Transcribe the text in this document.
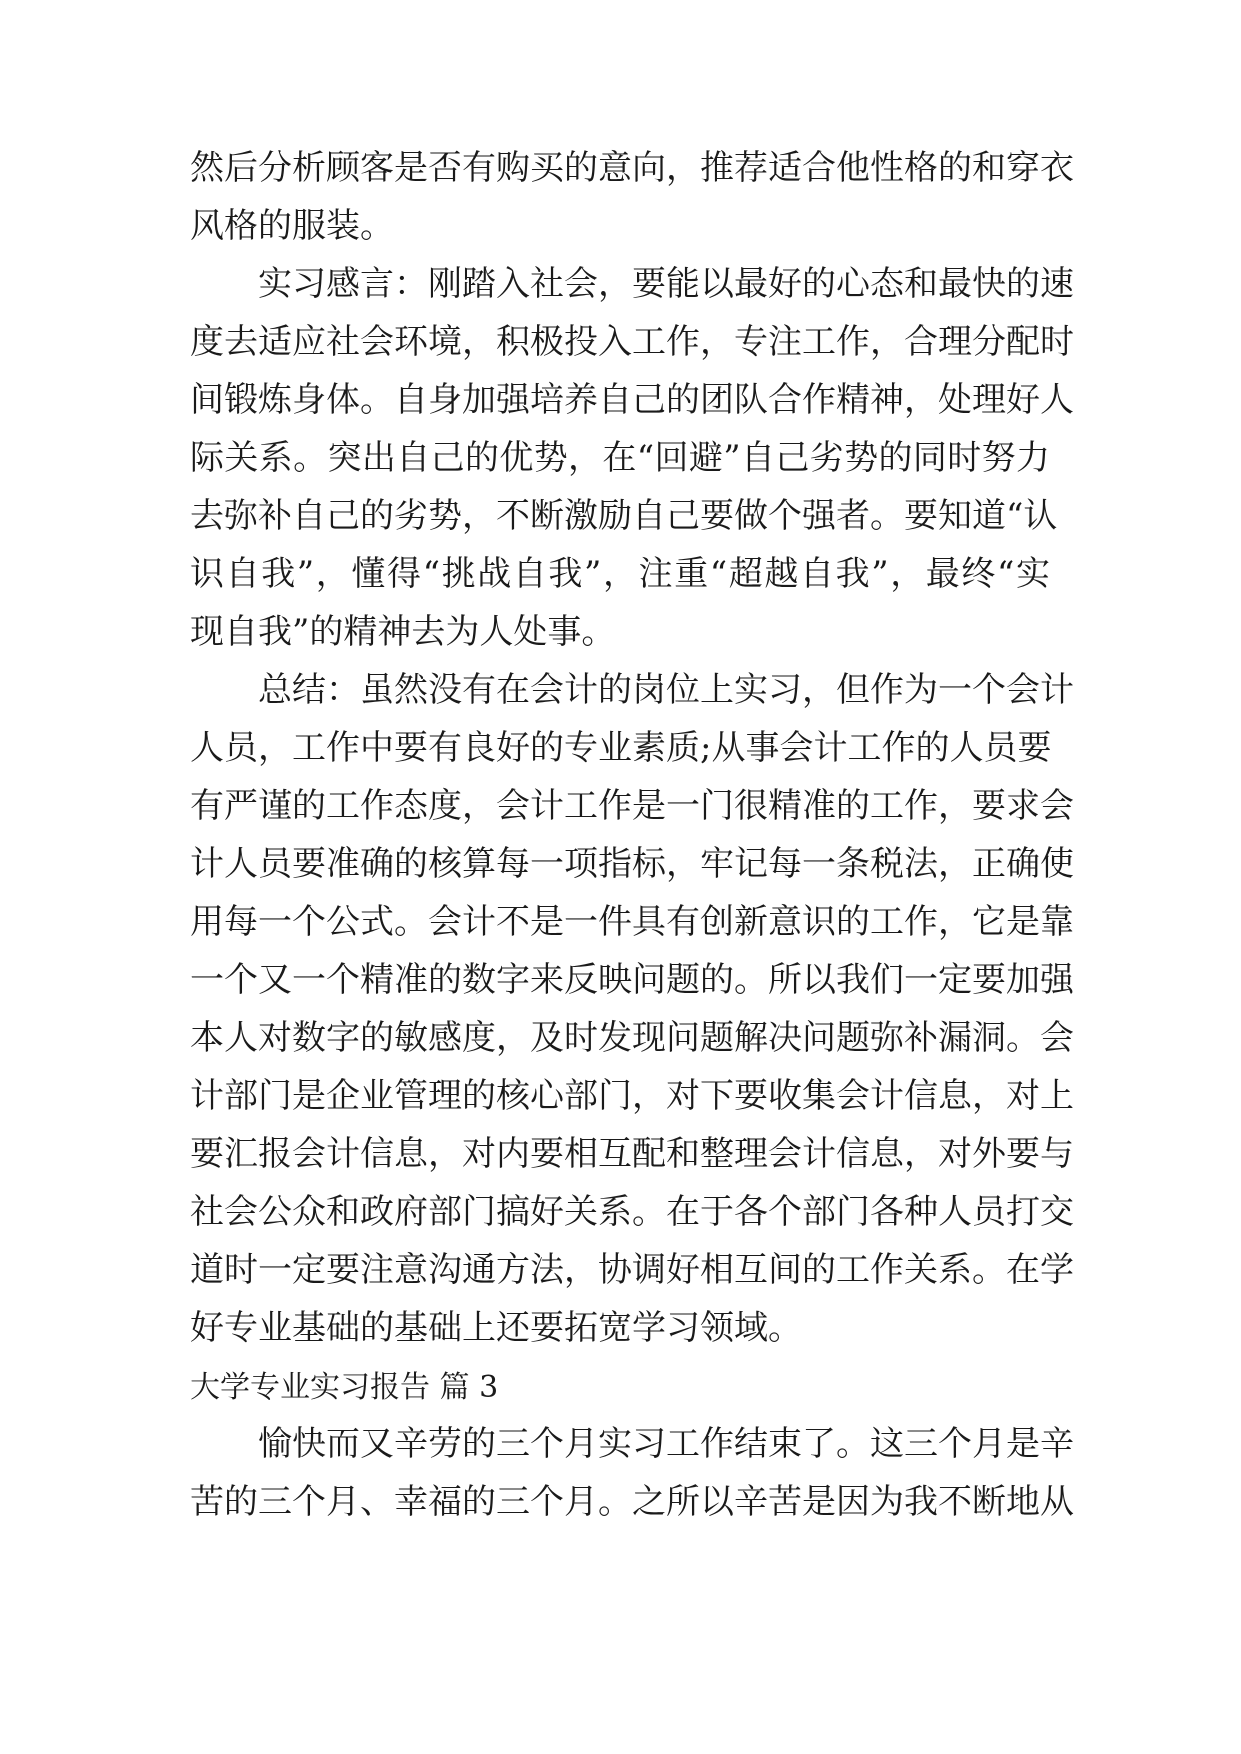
然后分析顾客是否有购买的意向，推荐适合他性格的和穿衣
风格的服装。
实习感言：刚踏入社会，要能以最好的心态和最快的速
度去适应社会环境，积极投入工作，专注工作，合理分配时
间锻炼身体。自身加强培养自己的团队合作精神，处理好人
际关系。突出自己的优势，在“回避”自己劣势的同时努力
去弥补自己的劣势，不断激励自己要做个强者。要知道“认
识自我”，懂得“挑战自我”，注重“超越自我”，最终“实
现自我”的精神去为人处事。
总结：虽然没有在会计的岗位上实习，但作为一个会计
人员，工作中要有良好的专业素质;从事会计工作的人员要
有严谨的工作态度，会计工作是一门很精准的工作，要求会
计人员要准确的核算每一项指标，牢记每一条税法，正确使
用每一个公式。会计不是一件具有创新意识的工作，它是靠
一个又一个精准的数字来反映问题的。所以我们一定要加强
本人对数字的敏感度，及时发现问题解决问题弥补漏洞。会
计部门是企业管理的核心部门，对下要收集会计信息，对上
要汇报会计信息，对内要相互配和整理会计信息，对外要与
社会公众和政府部门搞好关系。在于各个部门各种人员打交
道时一定要注意沟通方法，协调好相互间的工作关系。在学
好专业基础的基础上还要拓宽学习领域。
大学专业实习报告 篇 3
愉快而又辛劳的三个月实习工作结束了。这三个月是辛
苦的三个月、幸福的三个月。之所以辛苦是因为我不断地从
